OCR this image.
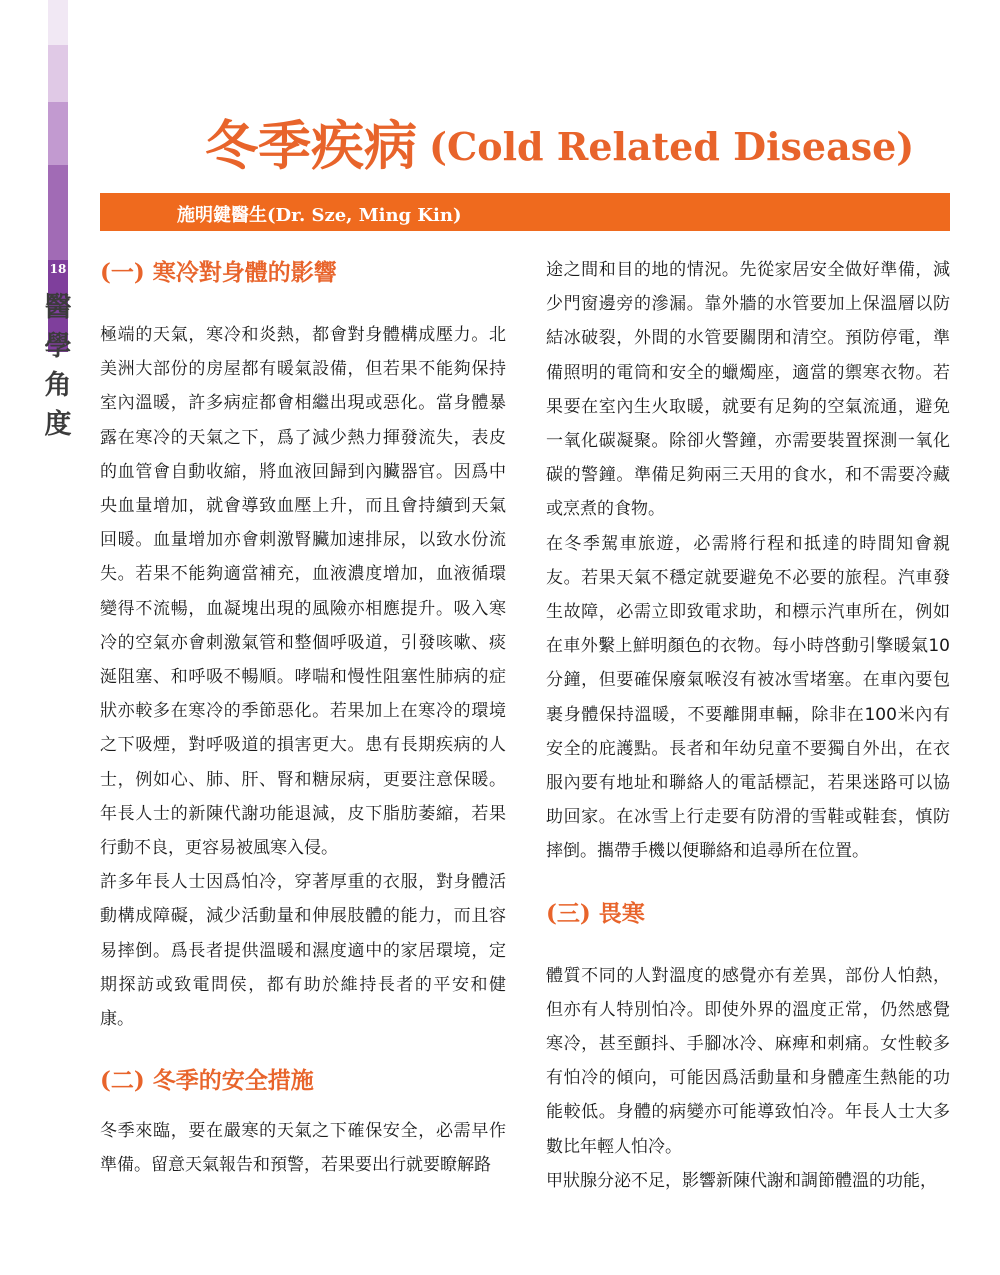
18
醫
學
角
度
冬季疾病 (Cold Related Disease)
施明鍵醫生(Dr. Sze, Ming Kin)
(一) 寒冷對身體的影響

極端的天氣，寒冷和炎熱，都會對身體構成壓力。北美洲大部份的房屋都有暖氣設備，但若果不能夠保持室內溫暖，許多病症都會相繼出現或惡化。當身體暴露在寒冷的天氣之下，爲了減少熱力揮發流失，表皮的血管會自動收縮，將血液回歸到內臟器官。因爲中央血量增加，就會導致血壓上升，而且會持續到天氣回暖。血量增加亦會刺激腎臟加速排尿，以致水份流失。若果不能夠適當補充，血液濃度增加，血液循環變得不流暢，血凝塊出現的風險亦相應提升。吸入寒冷的空氣亦會刺激氣管和整個呼吸道，引發咳嗽、痰涎阻塞、和呼吸不暢順。哮喘和慢性阻塞性肺病的症狀亦較多在寒冷的季節惡化。若果加上在寒冷的環境之下吸煙，對呼吸道的損害更大。患有長期疾病的人士，例如心、肺、肝、腎和糖尿病，更要注意保暖。年長人士的新陳代謝功能退減，皮下脂肪萎縮，若果行動不良，更容易被風寒入侵。

許多年長人士因爲怕冷，穿著厚重的衣服，對身體活動構成障礙，減少活動量和伸展肢體的能力，而且容易摔倒。爲長者提供溫暖和濕度適中的家居環境，定期探訪或致電問侯，都有助於維持長者的平安和健康。

(二) 冬季的安全措施

冬季來臨，要在嚴寒的天氣之下確保安全，必需早作準備。留意天氣報告和預警，若果要出行就要瞭解路

途之間和目的地的情況。先從家居安全做好準備，減少門窗邊旁的滲漏。靠外牆的水管要加上保溫層以防結冰破裂，外間的水管要關閉和清空。預防停電，準備照明的電筒和安全的蠟燭座，適當的禦寒衣物。若果要在室內生火取暖，就要有足夠的空氣流通，避免一氧化碳凝聚。除卻火警鐘，亦需要裝置探測一氧化碳的警鐘。準備足夠兩三天用的食水，和不需要冷藏或烹煮的食物。

在冬季駕車旅遊，必需將行程和抵達的時間知會親友。若果天氣不穩定就要避免不必要的旅程。汽車發生故障，必需立即致電求助，和標示汽車所在，例如在車外繫上鮮明顏色的衣物。每小時啓動引擎暖氣10分鐘，但要確保廢氣喉沒有被冰雪堵塞。在車內要包裹身體保持溫暖，不要離開車輛，除非在100米內有安全的庇護點。長者和年幼兒童不要獨自外出，在衣服內要有地址和聯絡人的電話標記，若果迷路可以協助回家。在冰雪上行走要有防滑的雪鞋或鞋套，慎防摔倒。攜帶手機以便聯絡和追尋所在位置。

(三) 畏寒

體質不同的人對溫度的感覺亦有差異，部份人怕熱，但亦有人特別怕冷。即使外界的溫度正常，仍然感覺寒冷，甚至顫抖、手腳冰冷、麻痺和刺痛。女性較多有怕冷的傾向，可能因爲活動量和身體產生熱能的功能較低。身體的病變亦可能導致怕冷。年長人士大多數比年輕人怕冷。

甲狀腺分泌不足，影響新陳代謝和調節體溫的功能，
